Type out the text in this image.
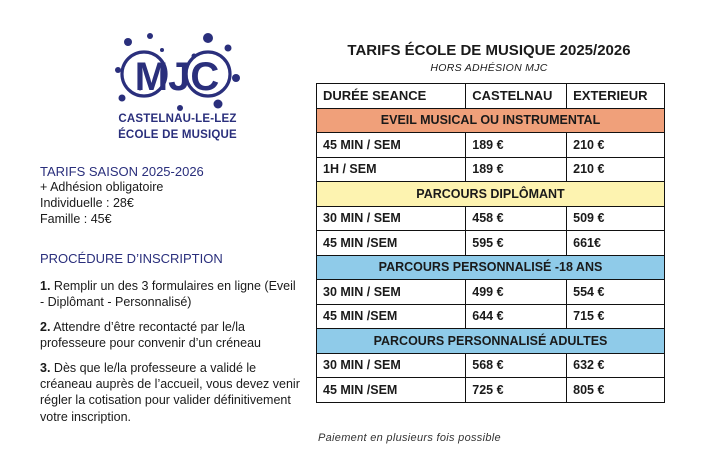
MJC
CASTELNAU-LE-LEZ
ÉCOLE DE MUSIQUE
TARIFS SAISON 2025-2026

+ Adhésion obligatoire

Individuelle : 28€

Famille : 45€

PROCÉDURE D’INSCRIPTION

1. Remplir un des 3 formulaires en ligne (Eveil - Diplômant - Personnalisé)

2. Attendre d’être recontacté par le/la professeure pour convenir d’un créneau

3. Dès que le/la professeure a validé le créaneau auprès de l’accueil, vous devez venir régler la cotisation pour valider définitivement votre inscription.

TARIFS ÉCOLE DE MUSIQUE 2025/2026
HORS ADHÉSION MJC
DURÉE SEANCE	CASTELNAU	EXTERIEUR
EVEIL MUSICAL OU INSTRUMENTAL		
45 MIN / SEM	189 €	210 €
1H / SEM	189 €	210 €
PARCOURS DIPLÔMANT		
30 MIN / SEM	458 €	509 €
45 MIN /SEM	595 €	661€
PARCOURS PERSONNALISÉ -18 ANS		
30 MIN / SEM	499 €	554 €
45 MIN /SEM	644 €	715 €
PARCOURS PERSONNALISÉ ADULTES		
30 MIN / SEM	568 €	632 €
45 MIN /SEM	725 €	805 €
Paiement en plusieurs fois possible
